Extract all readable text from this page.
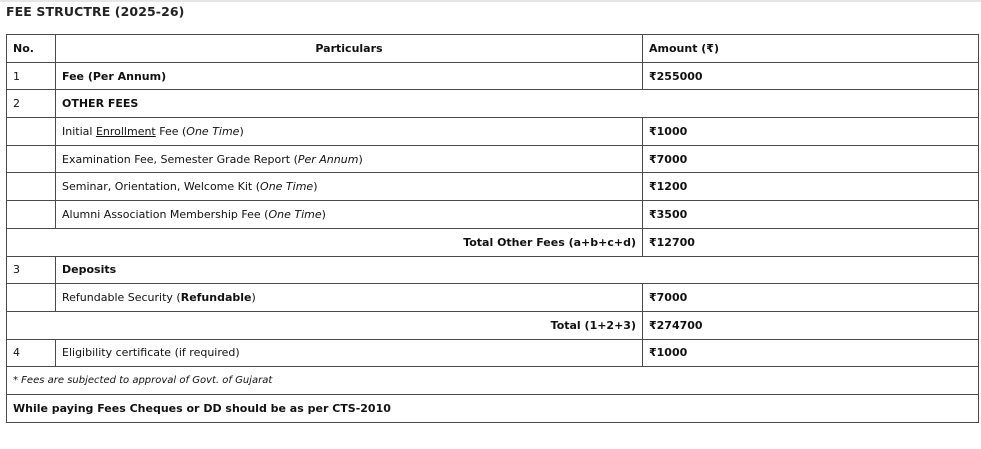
FEE STRUCTRE (2025-26)
No.	Particulars	Amount (₹)
1	Fee (Per Annum)	₹255000
2	OTHER FEES	
	Initial Enrollment Fee (One Time)	₹1000
	Examination Fee, Semester Grade Report (Per Annum)	₹7000
	Seminar, Orientation, Welcome Kit (One Time)	₹1200
	Alumni Association Membership Fee (One Time)	₹3500
Total Other Fees (a+b+c+d)		₹12700
3	Deposits	
	Refundable Security (Refundable)	₹7000
Total (1+2+3)		₹274700
4	Eligibility certificate (if required)	₹1000
* Fees are subjected to approval of Govt. of Gujarat		
While paying Fees Cheques or DD should be as per CTS-2010		
